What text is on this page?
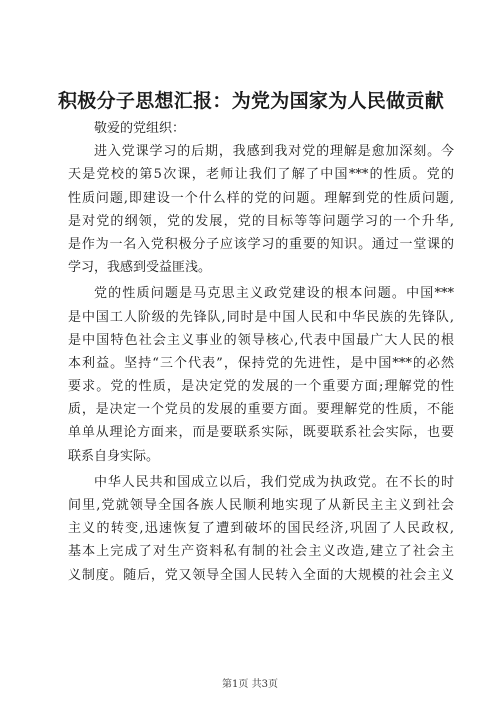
积极分子思想汇报：为党为国家为人民做贡献
敬爱的党组织：
进入党课学习的后期，我感到我对党的理解是愈加深刻。今
天是党校的第5次课，老师让我们了解了中国***的性质。党的
性质问题,即建设一个什么样的党的问题。理解到党的性质问题,
是对党的纲领，党的发展，党的目标等等问题学习的一个升华,
是作为一名入党积极分子应该学习的重要的知识。通过一堂课的
学习，我感到受益匪浅。
党的性质问题是马克思主义政党建设的根本问题。中国***
是中国工人阶级的先锋队,同时是中国人民和中华民族的先锋队,
是中国特色社会主义事业的领导核心,代表中国最广大人民的根
本利益。坚持“三个代表”，保持党的先进性，是中国***的必然
要求。党的性质，是决定党的发展的一个重要方面;理解党的性
质，是决定一个党员的发展的重要方面。要理解党的性质，不能
单单从理论方面来，而是要联系实际，既要联系社会实际，也要
联系自身实际。
中华人民共和国成立以后，我们党成为执政党。在不长的时
间里,党就领导全国各族人民顺利地实现了从新民主主义到社会
主义的转变,迅速恢复了遭到破坏的国民经济,巩固了人民政权,
基本上完成了对生产资料私有制的社会主义改造,建立了社会主
义制度。随后，党又领导全国人民转入全面的大规模的社会主义
第1页 共3页
